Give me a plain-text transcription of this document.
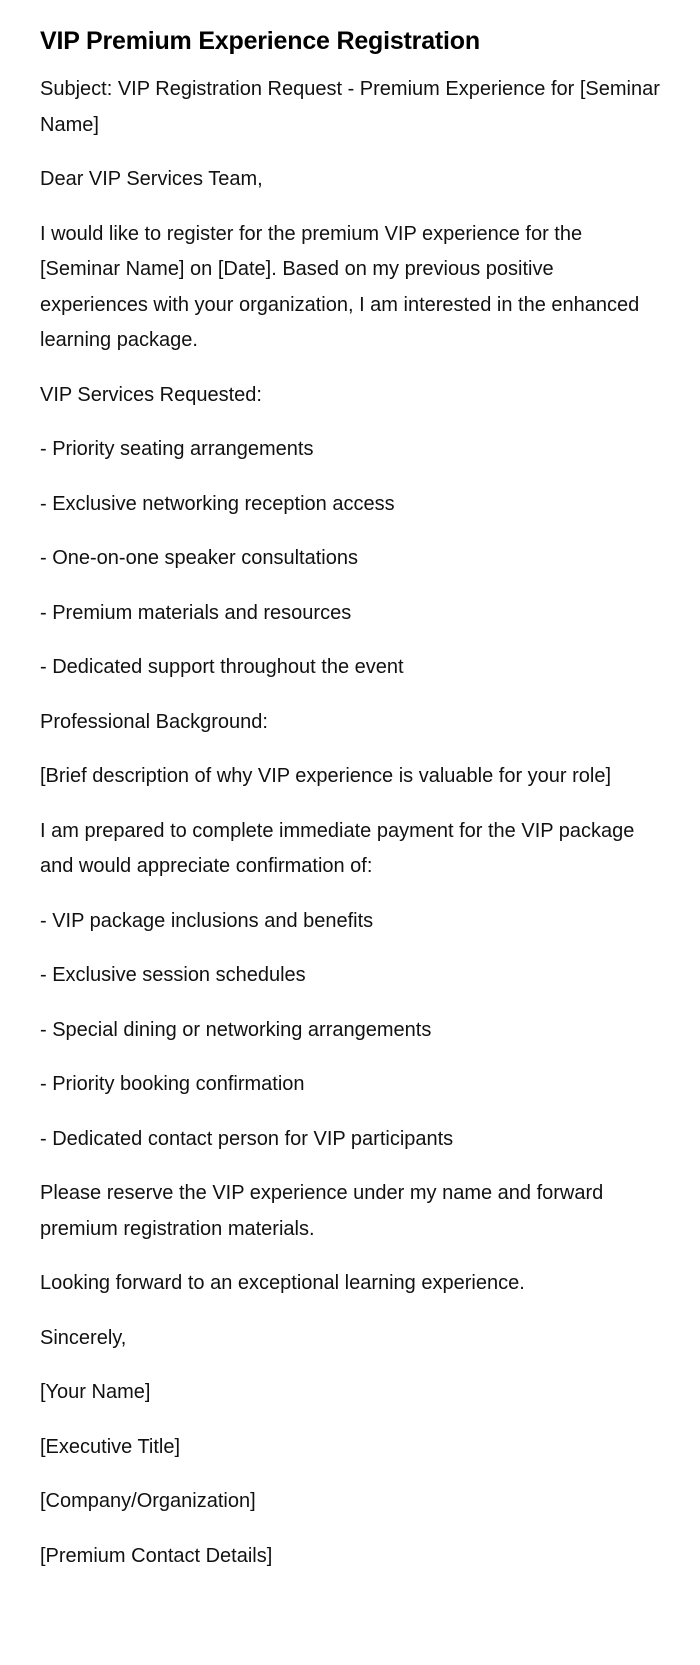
VIP Premium Experience Registration

Subject: VIP Registration Request - Premium Experience for [Seminar Name]

Dear VIP Services Team,

I would like to register for the premium VIP experience for the [Seminar Name] on [Date]. Based on my previous positive experiences with your organization, I am interested in the enhanced learning package.

VIP Services Requested:

- Priority seating arrangements

- Exclusive networking reception access

- One-on-one speaker consultations

- Premium materials and resources

- Dedicated support throughout the event

Professional Background:

[Brief description of why VIP experience is valuable for your role]

I am prepared to complete immediate payment for the VIP package and would appreciate confirmation of:

- VIP package inclusions and benefits

- Exclusive session schedules

- Special dining or networking arrangements

- Priority booking confirmation

- Dedicated contact person for VIP participants

Please reserve the VIP experience under my name and forward premium registration materials.

Looking forward to an exceptional learning experience.

Sincerely,

[Your Name]

[Executive Title]

[Company/Organization]

[Premium Contact Details]
